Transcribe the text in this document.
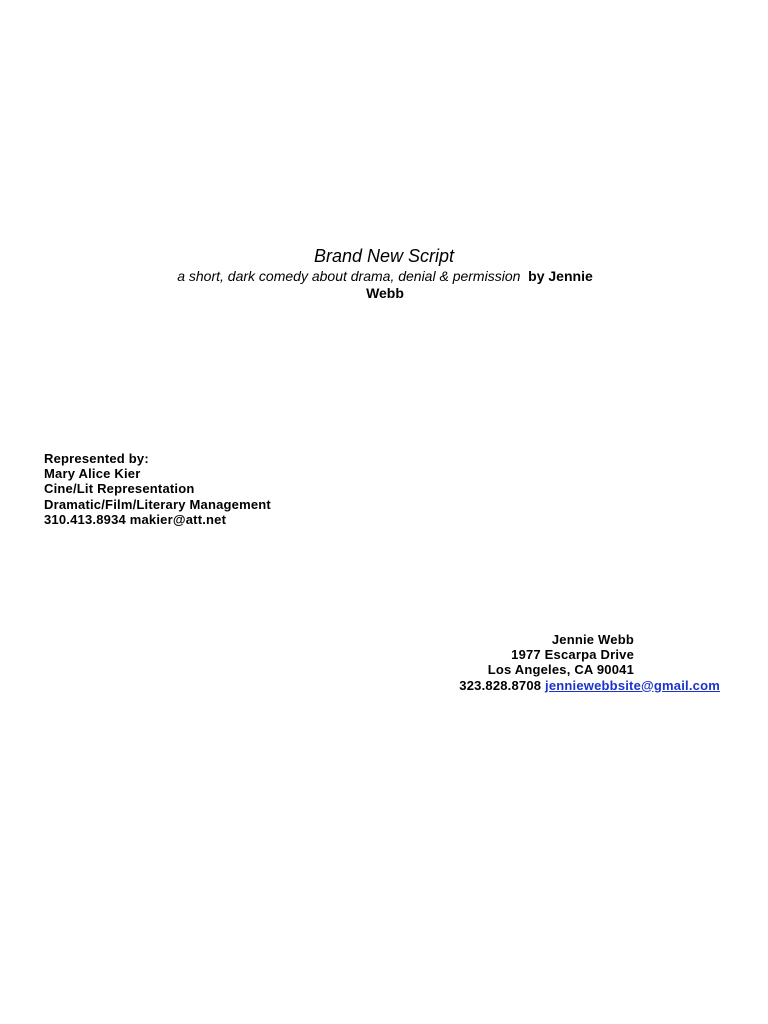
Brand New Script
a short, dark comedy about drama, denial & permission by Jennie
Webb
Represented by:
Mary Alice Kier
Cine/Lit Representation
Dramatic/Film/Literary Management
310.413.8934 makier@att.net
Jennie Webb
1977 Escarpa Drive
Los Angeles, CA 90041
323.828.8708 jenniewebbsite@gmail.com
